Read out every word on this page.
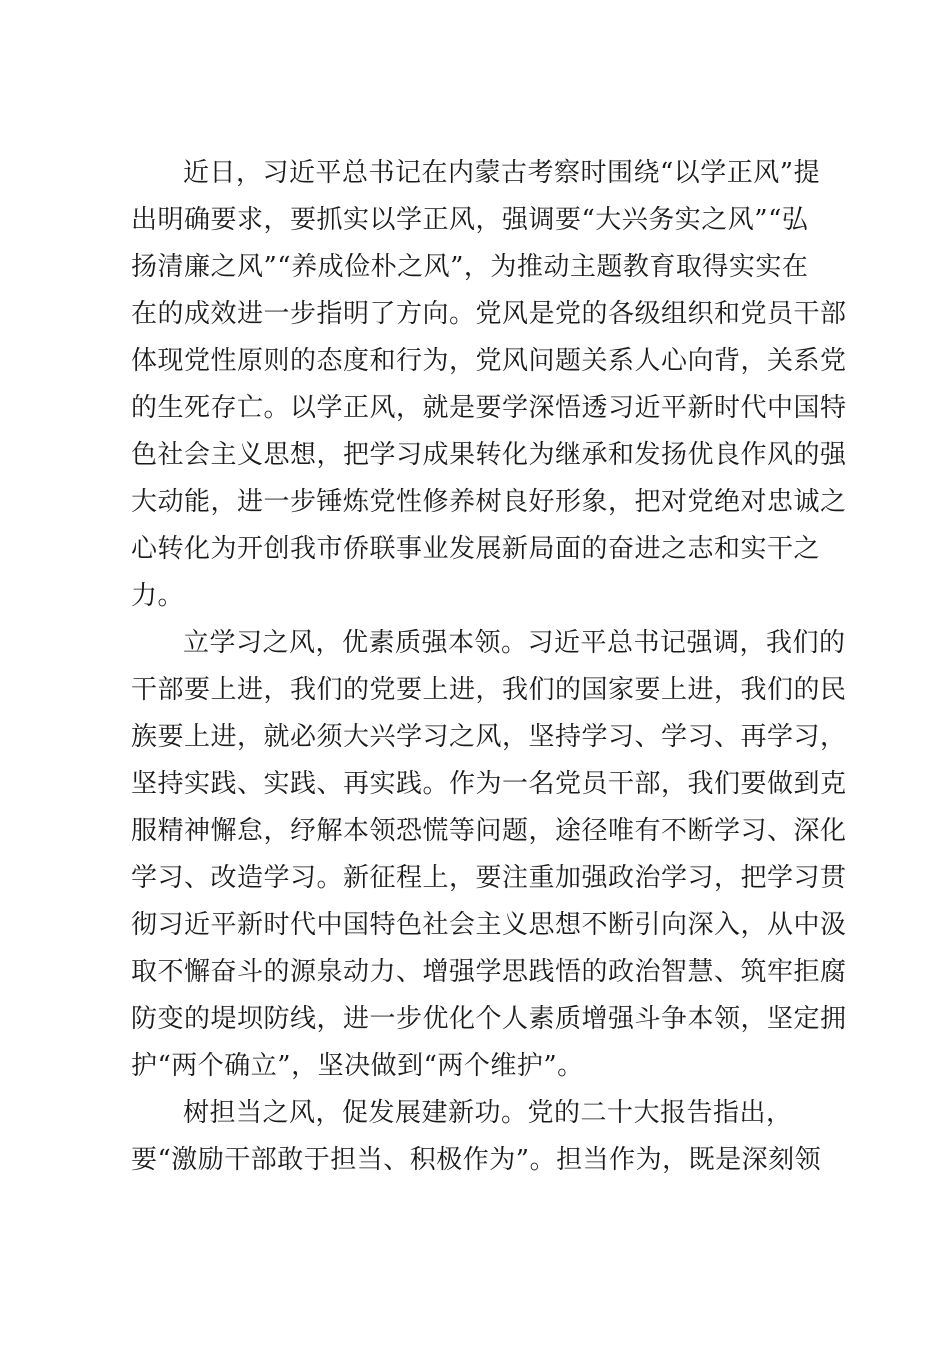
近日，习近平总书记在内蒙古考察时围绕“以学正风”提
出明确要求，要抓实以学正风，强调要“大兴务实之风”“弘
扬清廉之风”“养成俭朴之风”，为推动主题教育取得实实在
在的成效进一步指明了方向。党风是党的各级组织和党员干部
体现党性原则的态度和行为，党风问题关系人心向背，关系党
的生死存亡。以学正风，就是要学深悟透习近平新时代中国特
色社会主义思想，把学习成果转化为继承和发扬优良作风的强
大动能，进一步锤炼党性修养树良好形象，把对党绝对忠诚之
心转化为开创我市侨联事业发展新局面的奋进之志和实干之
力。
立学习之风，优素质强本领。习近平总书记强调，我们的
干部要上进，我们的党要上进，我们的国家要上进，我们的民
族要上进，就必须大兴学习之风，坚持学习、学习、再学习，
坚持实践、实践、再实践。作为一名党员干部，我们要做到克
服精神懈怠，纾解本领恐慌等问题，途径唯有不断学习、深化
学习、改造学习。新征程上，要注重加强政治学习，把学习贯
彻习近平新时代中国特色社会主义思想不断引向深入，从中汲
取不懈奋斗的源泉动力、增强学思践悟的政治智慧、筑牢拒腐
防变的堤坝防线，进一步优化个人素质增强斗争本领，坚定拥
护“两个确立”，坚决做到“两个维护”。
树担当之风，促发展建新功。党的二十大报告指出，
要“激励干部敢于担当、积极作为”。担当作为，既是深刻领
